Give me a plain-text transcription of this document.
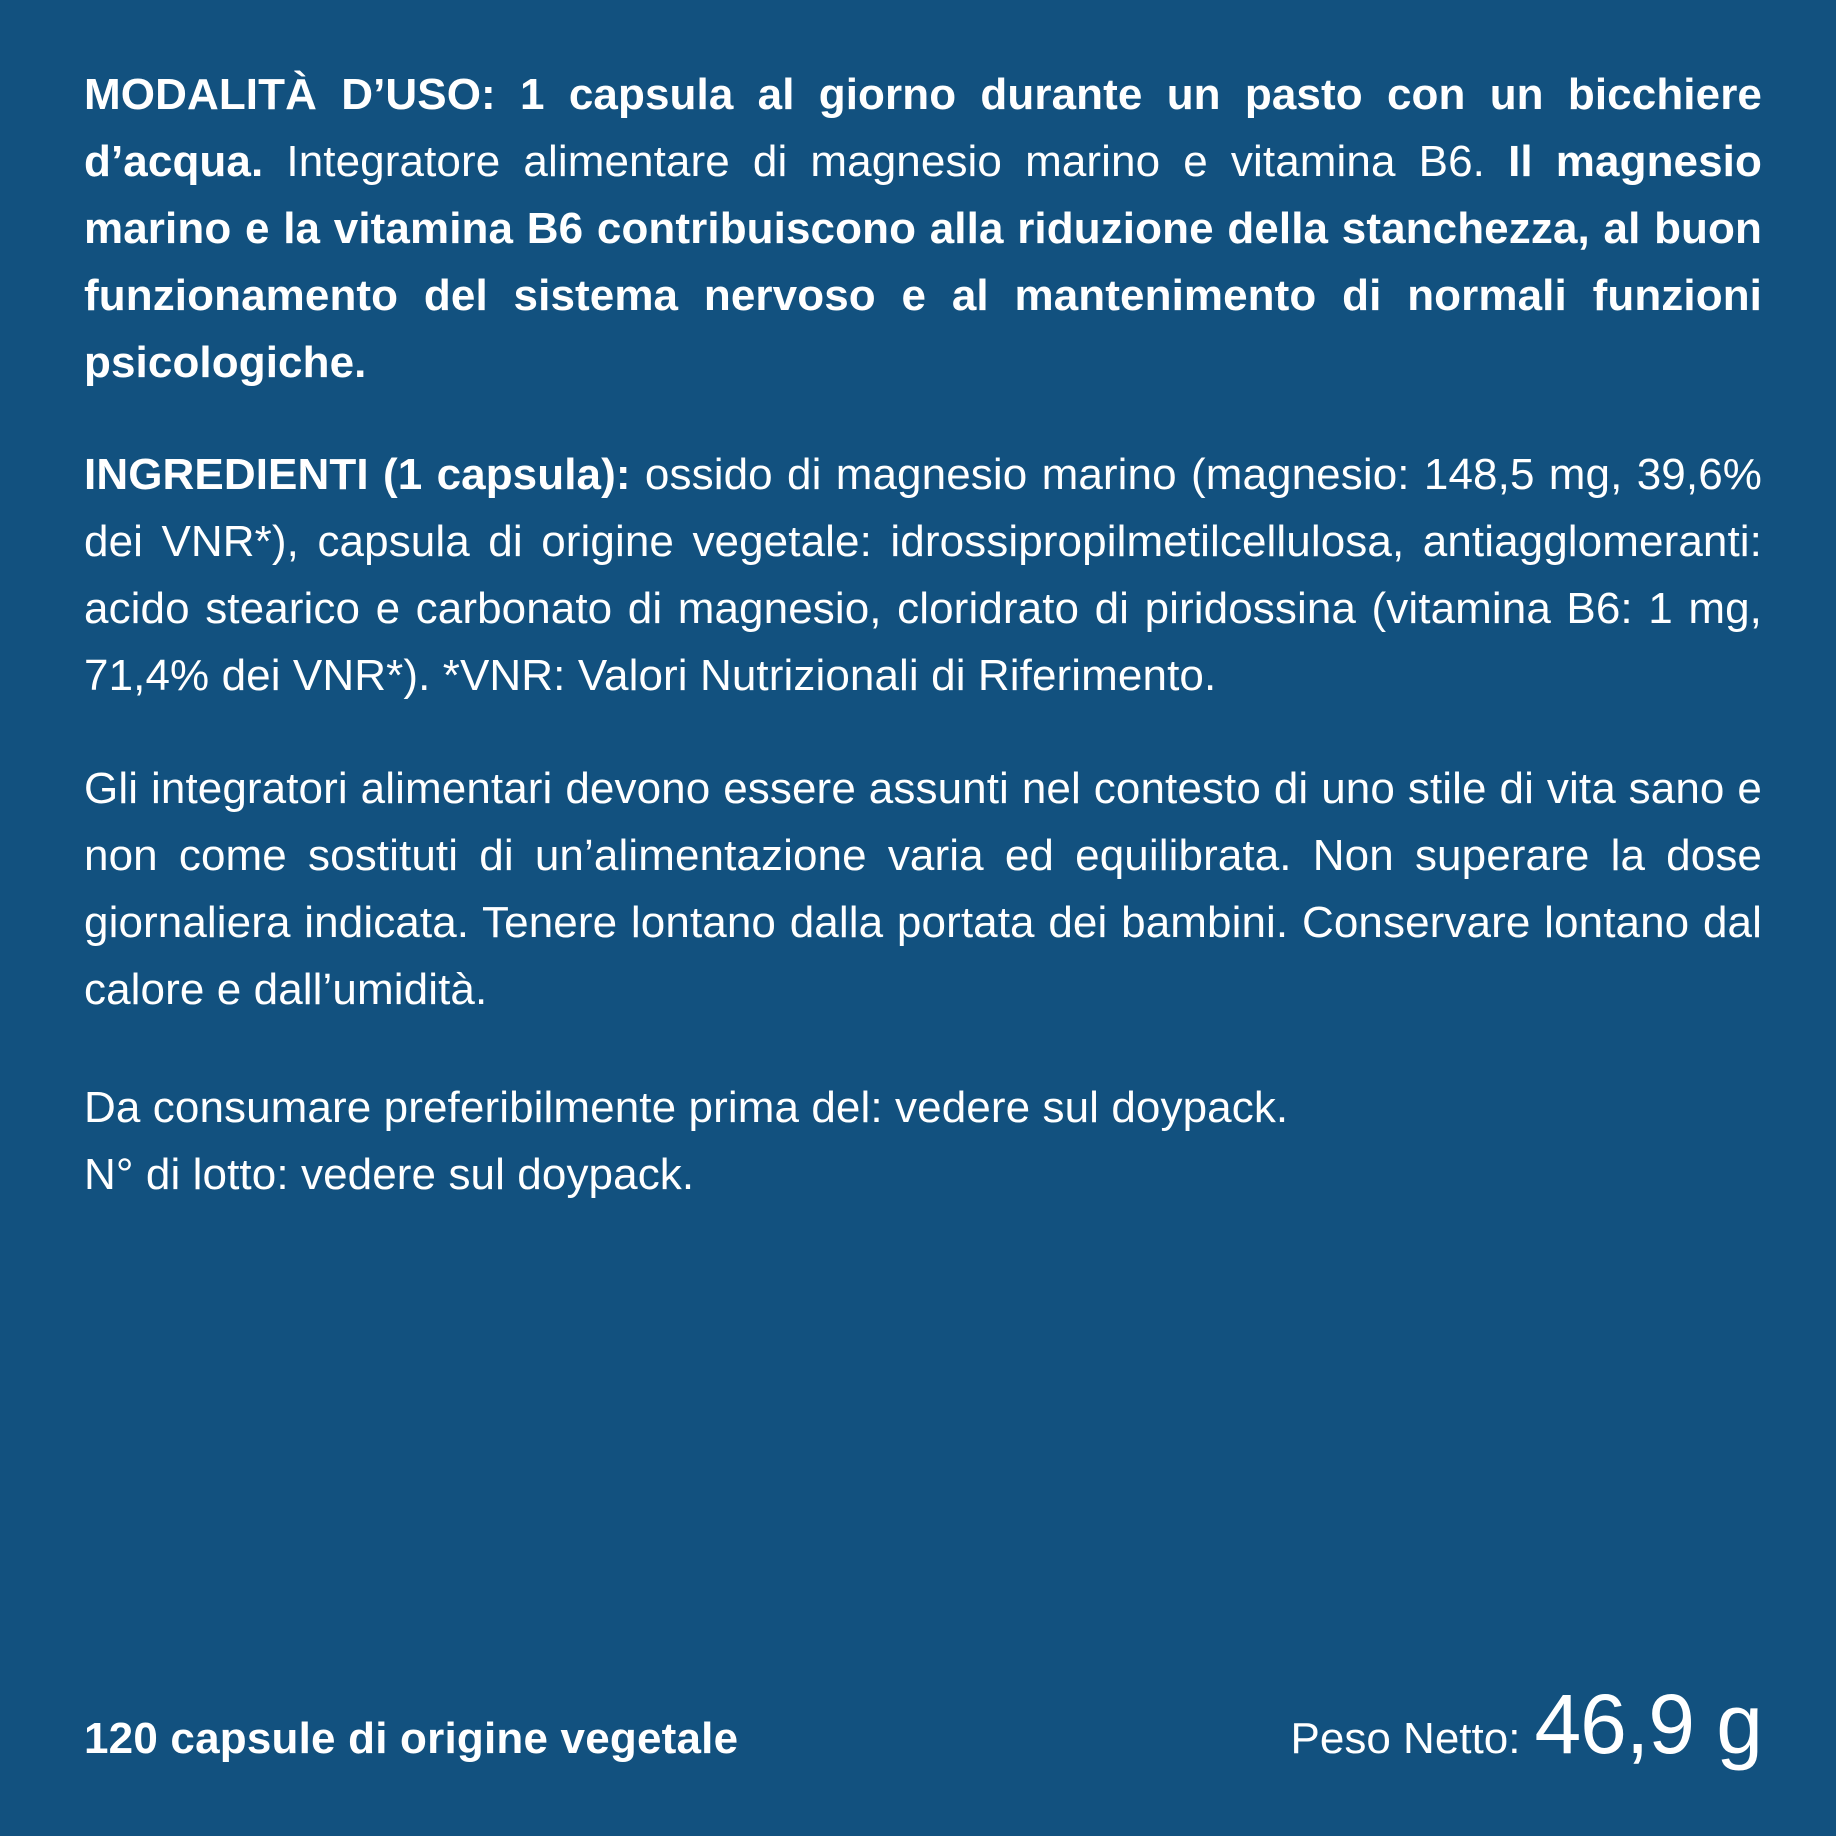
MODALITÀ D’USO: 1 capsula al giorno durante un pasto con un bicchiere d’acqua. Integratore alimentare di magnesio marino e vitamina B6. Il magnesio marino e la vitamina B6 contribuiscono alla riduzione della stanchezza, al buon funzionamento del sistema nervoso e al mantenimento di normali funzioni psicologiche.

INGREDIENTI (1 capsula): ossido di magnesio marino (magnesio: 148,5 mg, 39,6% dei VNR*), capsula di origine vegetale: idrossipropilmetilcellulosa, antiagglomeranti: acido stearico e carbonato di magnesio, cloridrato di piridossina (vitamina B6: 1 mg, 71,4% dei VNR*). *VNR: Valori Nutrizionali di Riferimento.

Gli integratori alimentari devono essere assunti nel contesto di uno stile di vita sano e non come sostituti di un’alimentazione varia ed equilibrata. Non superare la dose giornaliera indicata. Tenere lontano dalla portata dei bambini. Conservare lontano dal calore e dall’umidità.

Da consumare preferibilmente prima del: vedere sul doypack.
N° di lotto: vedere sul doypack.

120 capsule di origine vegetale	Peso Netto: 46,9 g
